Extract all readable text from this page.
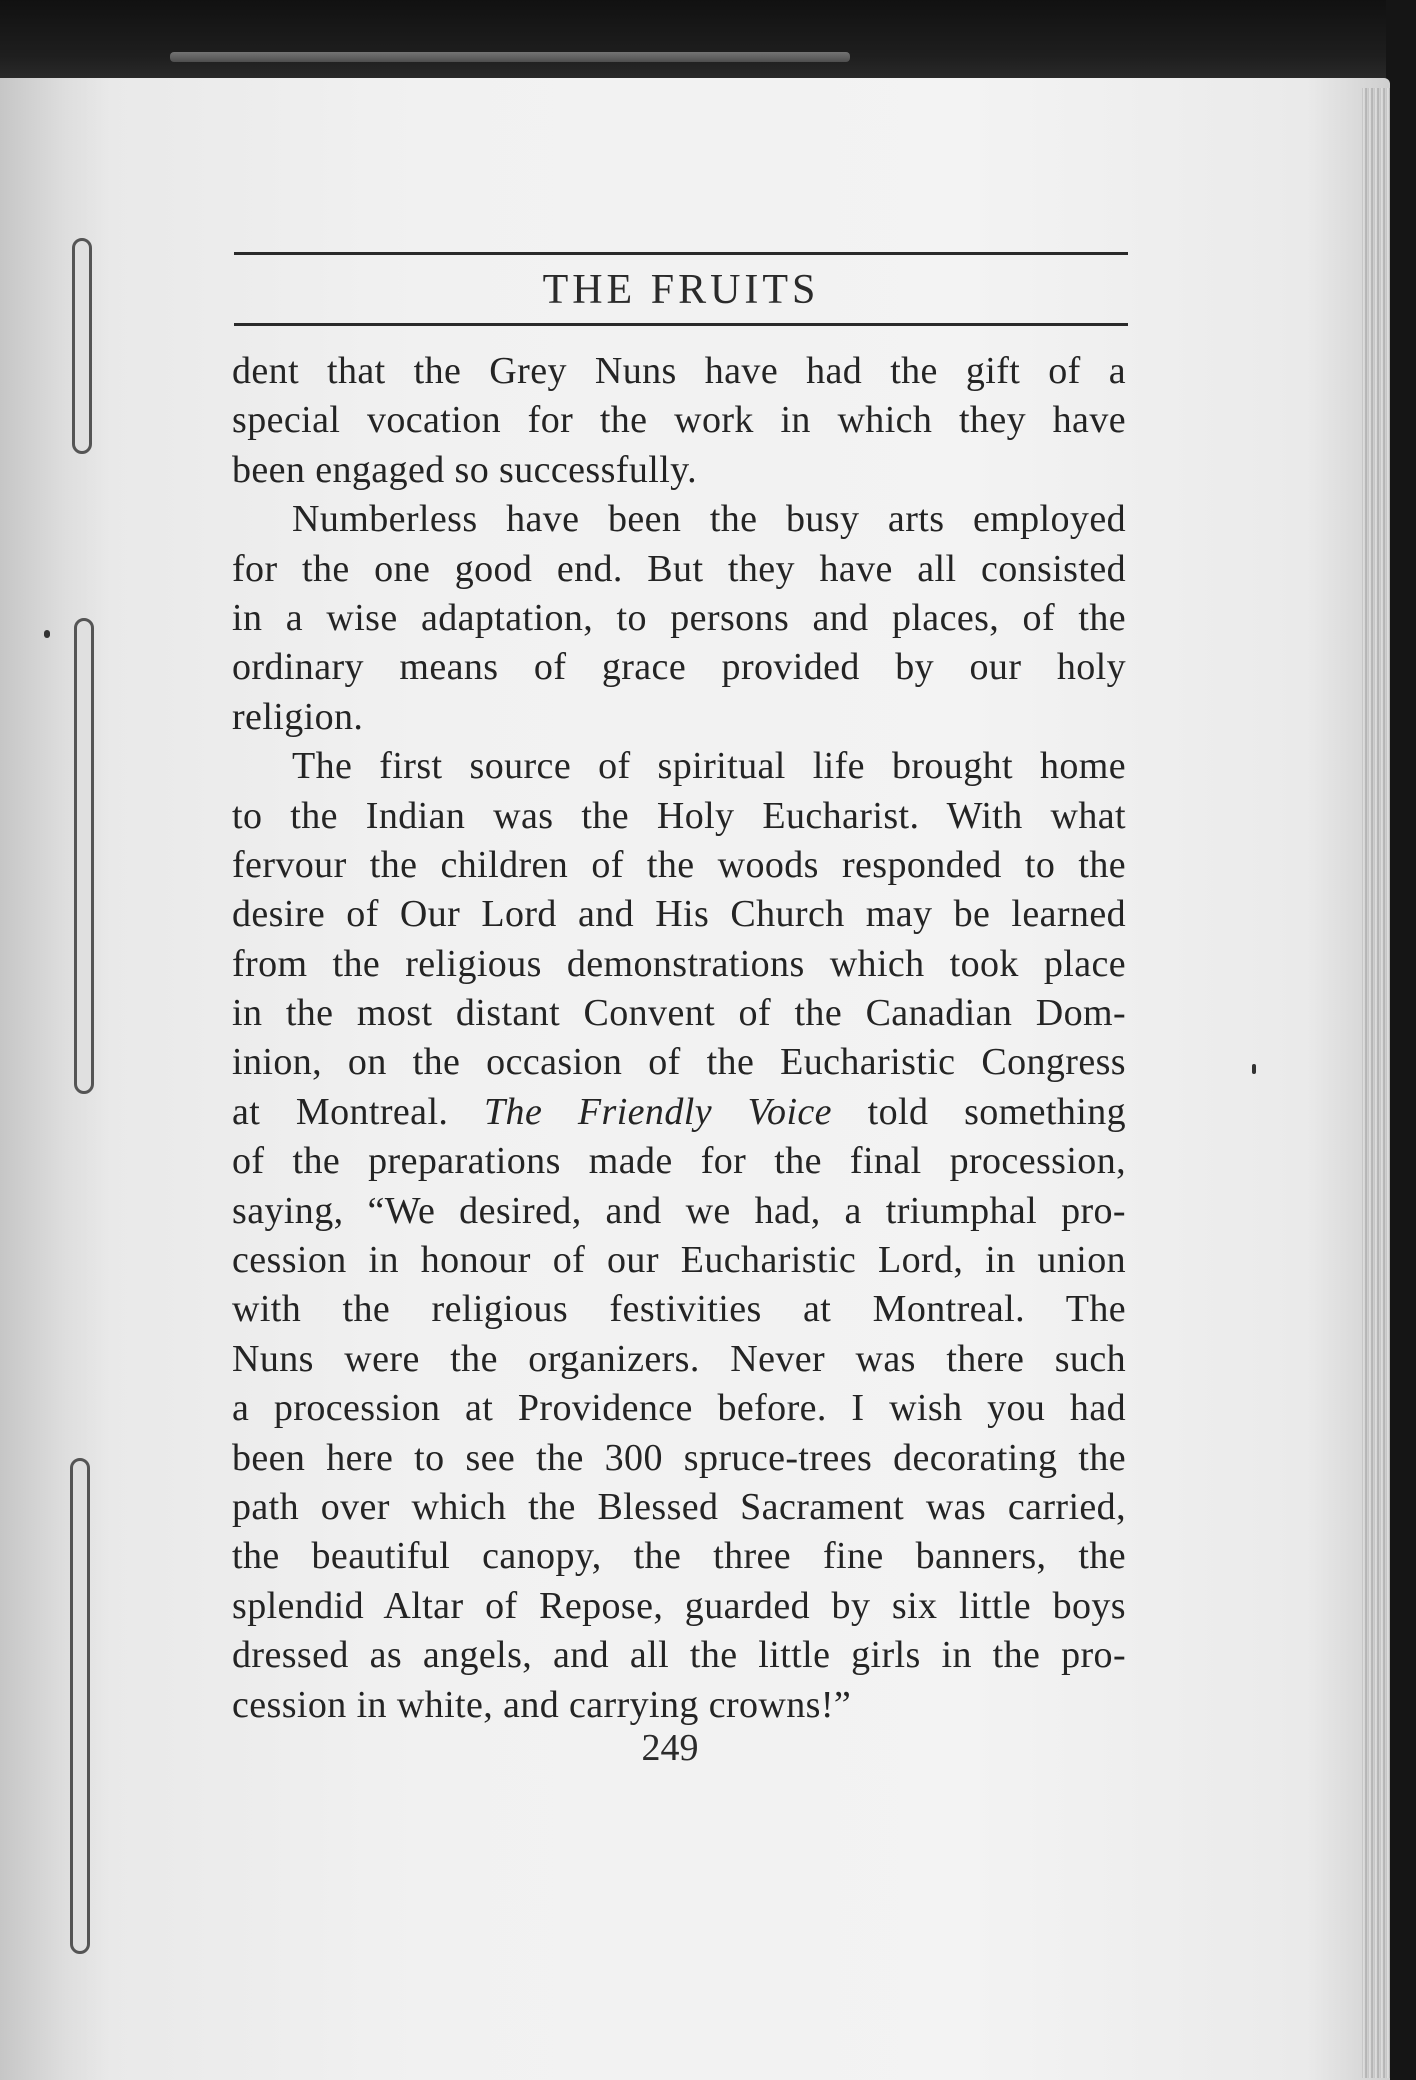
THE FRUITS
dent that the Grey Nuns have had the gift of a
special vocation for the work in which they have
been engaged so successfully.
Numberless have been the busy arts employed
for the one good end. But they have all consisted
in a wise adaptation, to persons and places, of the
ordinary means of grace provided by our holy
religion.
The first source of spiritual life brought home
to the Indian was the Holy Eucharist. With what
fervour the children of the woods responded to the
desire of Our Lord and His Church may be learned
from the religious demonstrations which took place
in the most distant Convent of the Canadian Dom-
inion, on the occasion of the Eucharistic Congress
at Montreal. The Friendly Voice told something
of the preparations made for the final procession,
saying, “We desired, and we had, a triumphal pro-
cession in honour of our Eucharistic Lord, in union
with the religious festivities at Montreal. The
Nuns were the organizers. Never was there such
a procession at Providence before. I wish you had
been here to see the 300 spruce-trees decorating the
path over which the Blessed Sacrament was carried,
the beautiful canopy, the three fine banners, the
splendid Altar of Repose, guarded by six little boys
dressed as angels, and all the little girls in the pro-
cession in white, and carrying crowns!”
249
